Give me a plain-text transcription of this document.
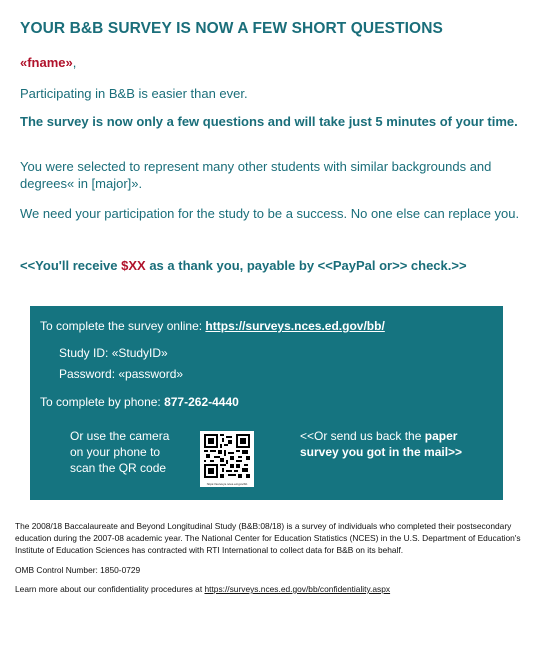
YOUR B&B SURVEY IS NOW A FEW SHORT QUESTIONS
«fname»,

Participating in B&B is easier than ever.

The survey is now only a few questions and will take just 5 minutes of your time.

You were selected to represent many other students with similar backgrounds and degrees« in [major]».

We need your participation for the study to be a success. No one else can replace you.

<<You'll receive $XX as a thank you, payable by <<PayPal or>> check.>>

To complete the survey online: https://surveys.nces.ed.gov/bb/
Study ID: «StudyID»
Password: «password»
To complete by phone: 877-262-4440
Or use the camera on your phone to scan the QR code
https://surveys.nces.ed.gov/bb
<<Or send us back the paper survey you got in the mail>>

The 2008/18 Baccalaureate and Beyond Longitudinal Study (B&B:08/18) is a survey of individuals who completed their postsecondary education during the 2007-08 academic year. The National Center for Education Statistics (NCES) in the U.S. Department of Education's Institute of Education Sciences has contracted with RTI International to collect data for B&B on its behalf.

OMB Control Number: 1850-0729

Learn more about our confidentiality procedures at https://surveys.nces.ed.gov/bb/confidentiality.aspx
